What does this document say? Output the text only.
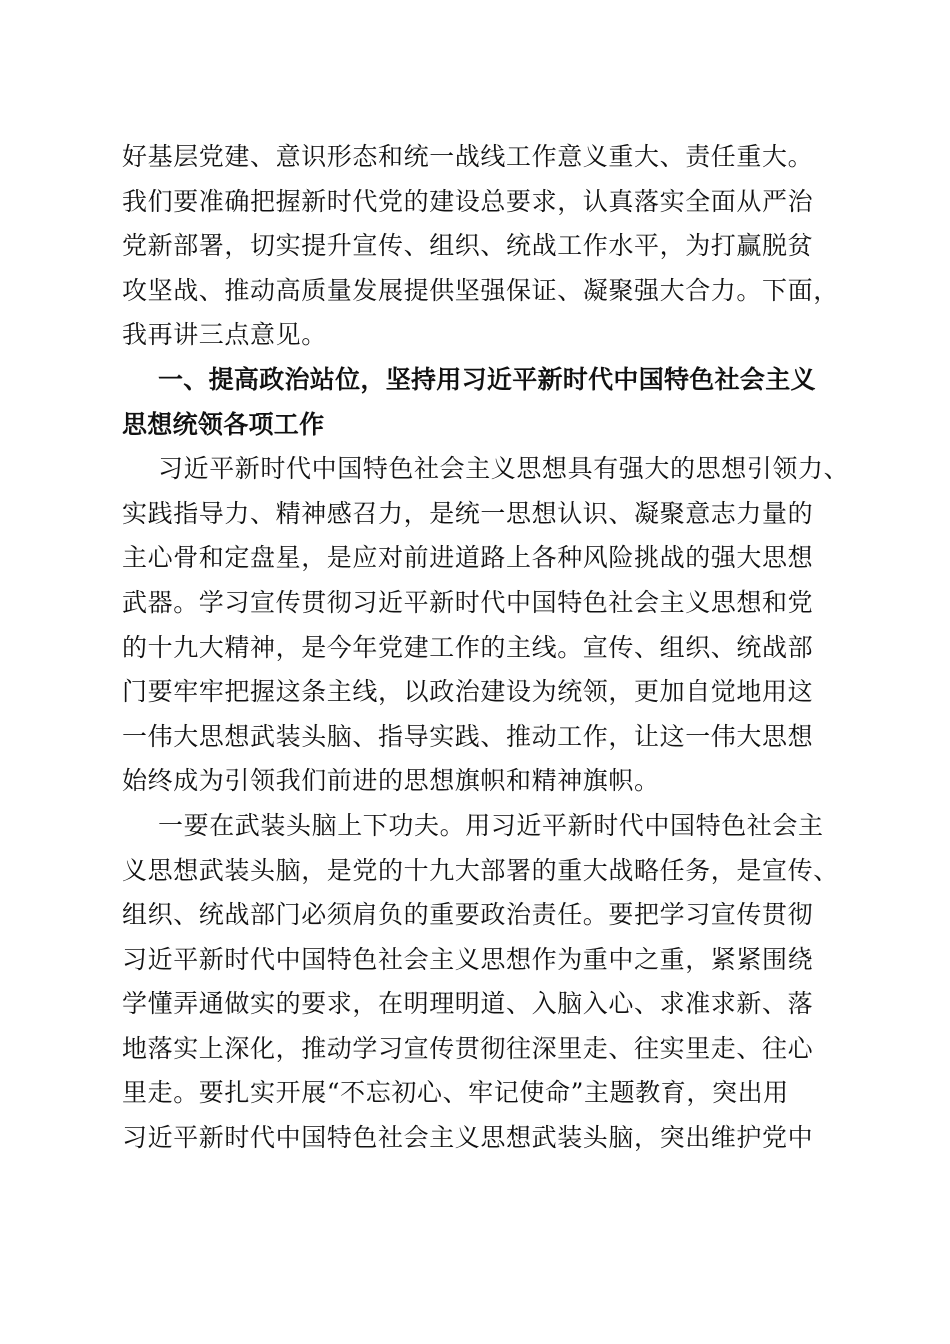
好基层党建、意识形态和统一战线工作意义重大、责任重大。
我们要准确把握新时代党的建设总要求，认真落实全面从严治
党新部署，切实提升宣传、组织、统战工作水平，为打赢脱贫
攻坚战、推动高质量发展提供坚强保证、凝聚强大合力。下面，
我再讲三点意见。
一、提高政治站位，坚持用习近平新时代中国特色社会主义
思想统领各项工作
习近平新时代中国特色社会主义思想具有强大的思想引领力、
实践指导力、精神感召力，是统一思想认识、凝聚意志力量的
主心骨和定盘星，是应对前进道路上各种风险挑战的强大思想
武器。学习宣传贯彻习近平新时代中国特色社会主义思想和党
的十九大精神，是今年党建工作的主线。宣传、组织、统战部
门要牢牢把握这条主线，以政治建设为统领，更加自觉地用这
一伟大思想武装头脑、指导实践、推动工作，让这一伟大思想
始终成为引领我们前进的思想旗帜和精神旗帜。
一要在武装头脑上下功夫。用习近平新时代中国特色社会主
义思想武装头脑，是党的十九大部署的重大战略任务，是宣传、
组织、统战部门必须肩负的重要政治责任。要把学习宣传贯彻
习近平新时代中国特色社会主义思想作为重中之重，紧紧围绕
学懂弄通做实的要求，在明理明道、入脑入心、求准求新、落
地落实上深化，推动学习宣传贯彻往深里走、往实里走、往心
里走。要扎实开展“不忘初心、牢记使命”主题教育，突出用
习近平新时代中国特色社会主义思想武装头脑，突出维护党中
